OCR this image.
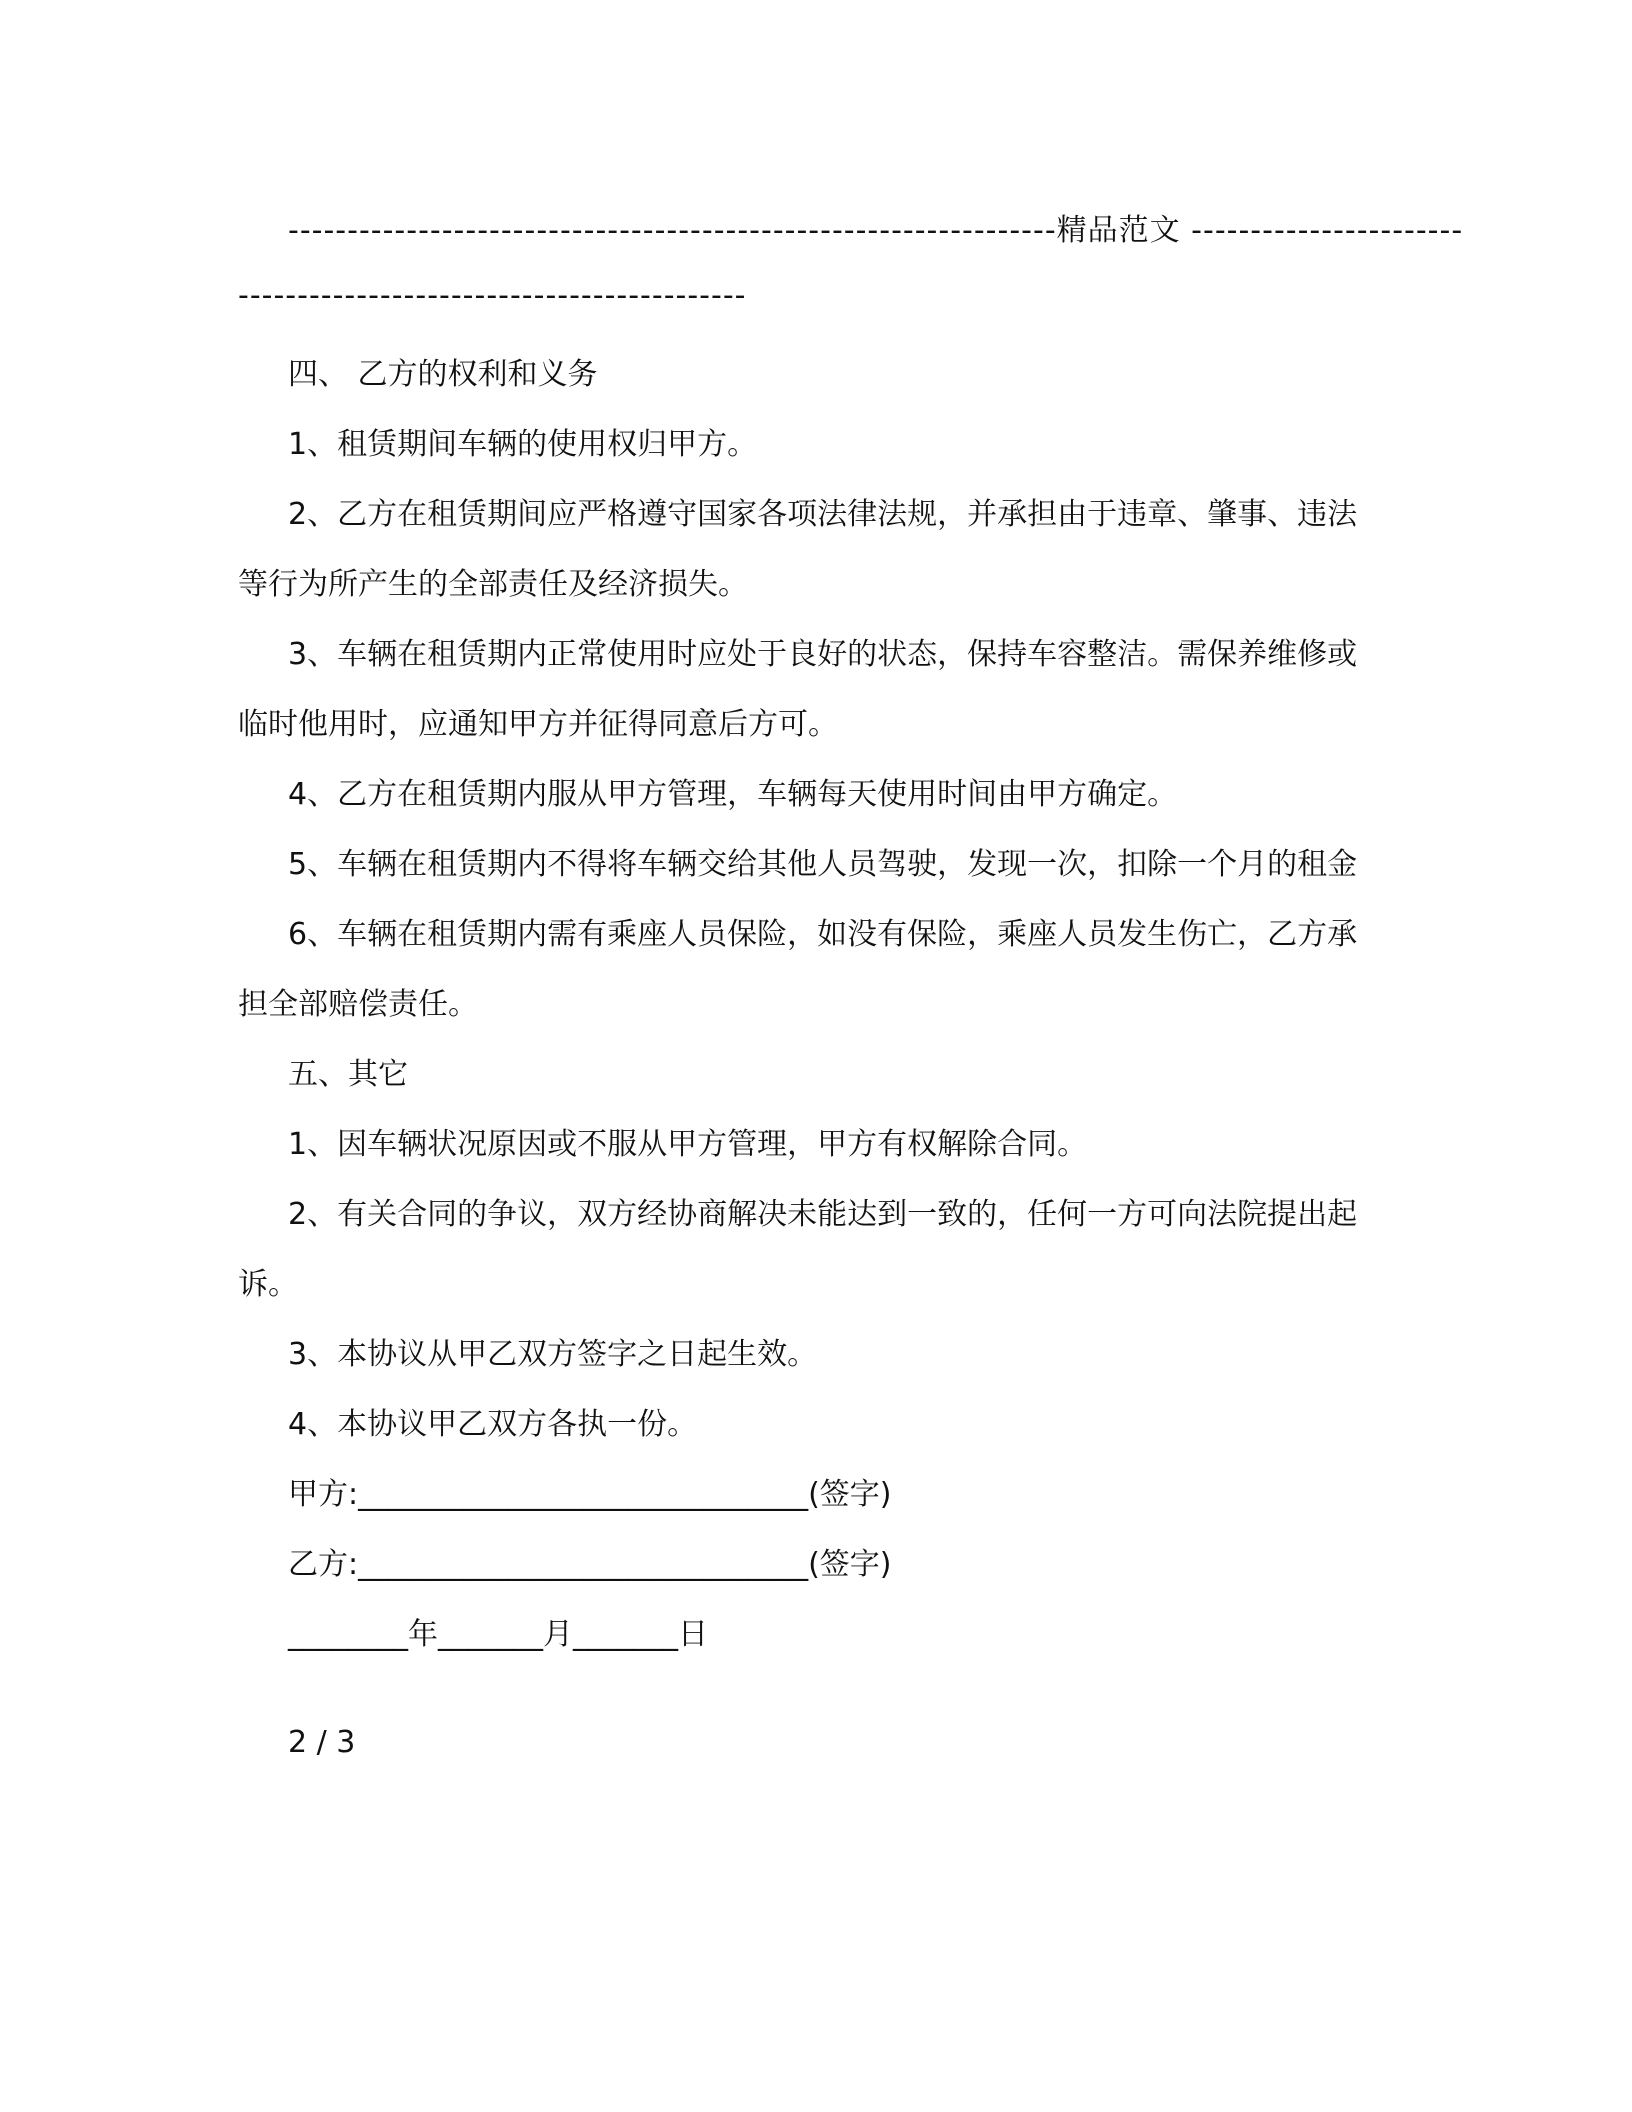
-----------------------------------------------------------------精品范文 -----------------------
-------------------------------------------

四、 乙方的权利和义务

1、租赁期间车辆的使用权归甲方。

2、乙方在租赁期间应严格遵守国家各项法律法规，并承担由于违章、肇事、违法等行为所产生的全部责任及经济损失。

3、车辆在租赁期内正常使用时应处于良好的状态，保持车容整洁。需保养维修或临时他用时，应通知甲方并征得同意后方可。

4、乙方在租赁期内服从甲方管理，车辆每天使用时间由甲方确定。

5、车辆在租赁期内不得将车辆交给其他人员驾驶，发现一次，扣除一个月的租金

6、车辆在租赁期内需有乘座人员保险，如没有保险，乘座人员发生伤亡，乙方承担全部赔偿责任。

五、其它

1、因车辆状况原因或不服从甲方管理，甲方有权解除合同。

2、有关合同的争议，双方经协商解决未能达到一致的，任何一方可向法院提出起诉。

3、本协议从甲乙双方签字之日起生效。

4、本协议甲乙双方各执一份。

甲方:______________________________(签字)

乙方:______________________________(签字)

________年_______月_______日

2 / 3
